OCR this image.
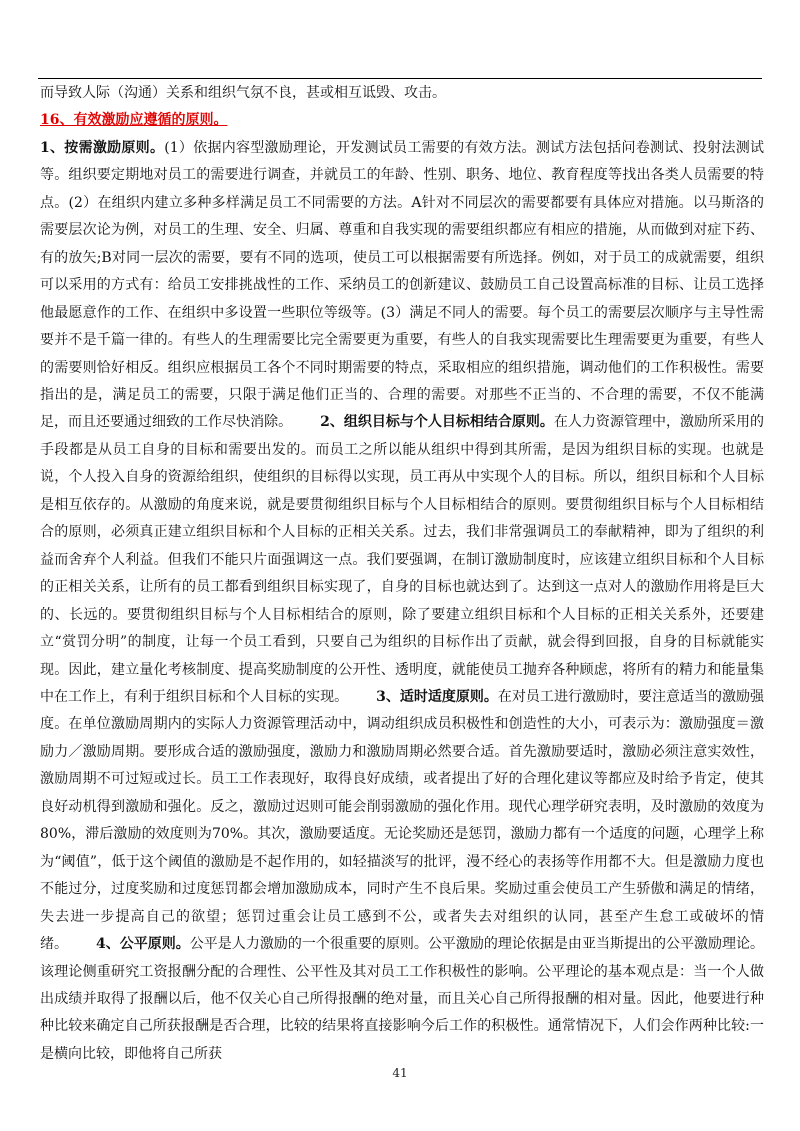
而导致人际（沟通）关系和组织气氛不良，甚或相互诋毁、攻击。

16、有效激励应遵循的原则。

1、按需激励原则。(1）依据内容型激励理论，开发测试员工需要的有效方法。测试方法包括问卷测试、投射法测试等。组织要定期地对员工的需要进行调查，并就员工的年龄、性别、职务、地位、教育程度等找出各类人员需要的特点。(2）在组织内建立多种多样满足员工不同需要的方法。A针对不同层次的需要都要有具体应对措施。以马斯洛的需要层次论为例，对员工的生理、安全、归属、尊重和自我实现的需要组织都应有相应的措施，从而做到对症下药、有的放矢;B对同一层次的需要，要有不同的选项，使员工可以根据需要有所选择。例如，对于员工的成就需要，组织可以采用的方式有：给员工安排挑战性的工作、采纳员工的创新建议、鼓励员工自己设置高标准的目标、让员工选择他最愿意作的工作、在组织中多设置一些职位等级等。(3）满足不同人的需要。每个员工的需要层次顺序与主导性需要并不是千篇一律的。有些人的生理需要比完全需要更为重要，有些人的自我实现需要比生理需要更为重要，有些人的需要则恰好相反。组织应根据员工各个不同时期需要的特点，采取相应的组织措施，调动他们的工作积极性。需要指出的是，满足员工的需要，只限于满足他们正当的、合理的需要。对那些不正当的、不合理的需要，不仅不能满足，而且还要通过细致的工作尽快消除。   2、组织目标与个人目标相结合原则。在人力资源管理中，激励所采用的手段都是从员工自身的目标和需要出发的。而员工之所以能从组织中得到其所需，是因为组织目标的实现。也就是说，个人投入自身的资源给组织，使组织的目标得以实现，员工再从中实现个人的目标。所以，组织目标和个人目标是相互依存的。从激励的角度来说，就是要贯彻组织目标与个人目标相结合的原则。要贯彻组织目标与个人目标相结合的原则，必须真正建立组织目标和个人目标的正相关关系。过去，我们非常强调员工的奉献精神，即为了组织的利益而舍弃个人利益。但我们不能只片面强调这一点。我们要强调，在制订激励制度时，应该建立组织目标和个人目标的正相关关系，让所有的员工都看到组织目标实现了，自身的目标也就达到了。达到这一点对人的激励作用将是巨大的、长远的。要贯彻组织目标与个人目标相结合的原则，除了要建立组织目标和个人目标的正相关关系外，还要建立“赏罚分明”的制度，让每一个员工看到，只要自己为组织的目标作出了贡献，就会得到回报，自身的目标就能实现。因此，建立量化考核制度、提高奖励制度的公开性、透明度，就能使员工抛弃各种顾虑，将所有的精力和能量集中在工作上，有利于组织目标和个人目标的实现。   3、适时适度原则。在对员工进行激励时，要注意适当的激励强度。在单位激励周期内的实际人力资源管理活动中，调动组织成员积极性和创造性的大小，可表示为：激励强度＝激励力／激励周期。要形成合适的激励强度，激励力和激励周期必然要合适。首先激励要适时，激励必须注意实效性，激励周期不可过短或过长。员工工作表现好，取得良好成绩，或者提出了好的合理化建议等都应及时给予肯定，使其良好动机得到激励和强化。反之，激励过迟则可能会削弱激励的强化作用。现代心理学研究表明，及时激励的效度为80%，滞后激励的效度则为70%。其次，激励要适度。无论奖励还是惩罚，激励力都有一个适度的问题，心理学上称为“阈值”，低于这个阈值的激励是不起作用的，如轻描淡写的批评，漫不经心的表扬等作用都不大。但是激励力度也不能过分，过度奖励和过度惩罚都会增加激励成本，同时产生不良后果。奖励过重会使员工产生骄傲和满足的情绪，失去进一步提高自己的欲望；惩罚过重会让员工感到不公，或者失去对组织的认同，甚至产生怠工或破坏的情绪。   4、公平原则。公平是人力激励的一个很重要的原则。公平激励的理论依据是由亚当斯提出的公平激励理论。该理论侧重研究工资报酬分配的合理性、公平性及其对员工工作积极性的影响。公平理论的基本观点是：当一个人做出成绩并取得了报酬以后，他不仅关心自己所得报酬的绝对量，而且关心自己所得报酬的相对量。因此，他要进行种种比较来确定自己所获报酬是否合理，比较的结果将直接影响今后工作的积极性。通常情况下，人们会作两种比较:一是横向比较，即他将自己所获

41
